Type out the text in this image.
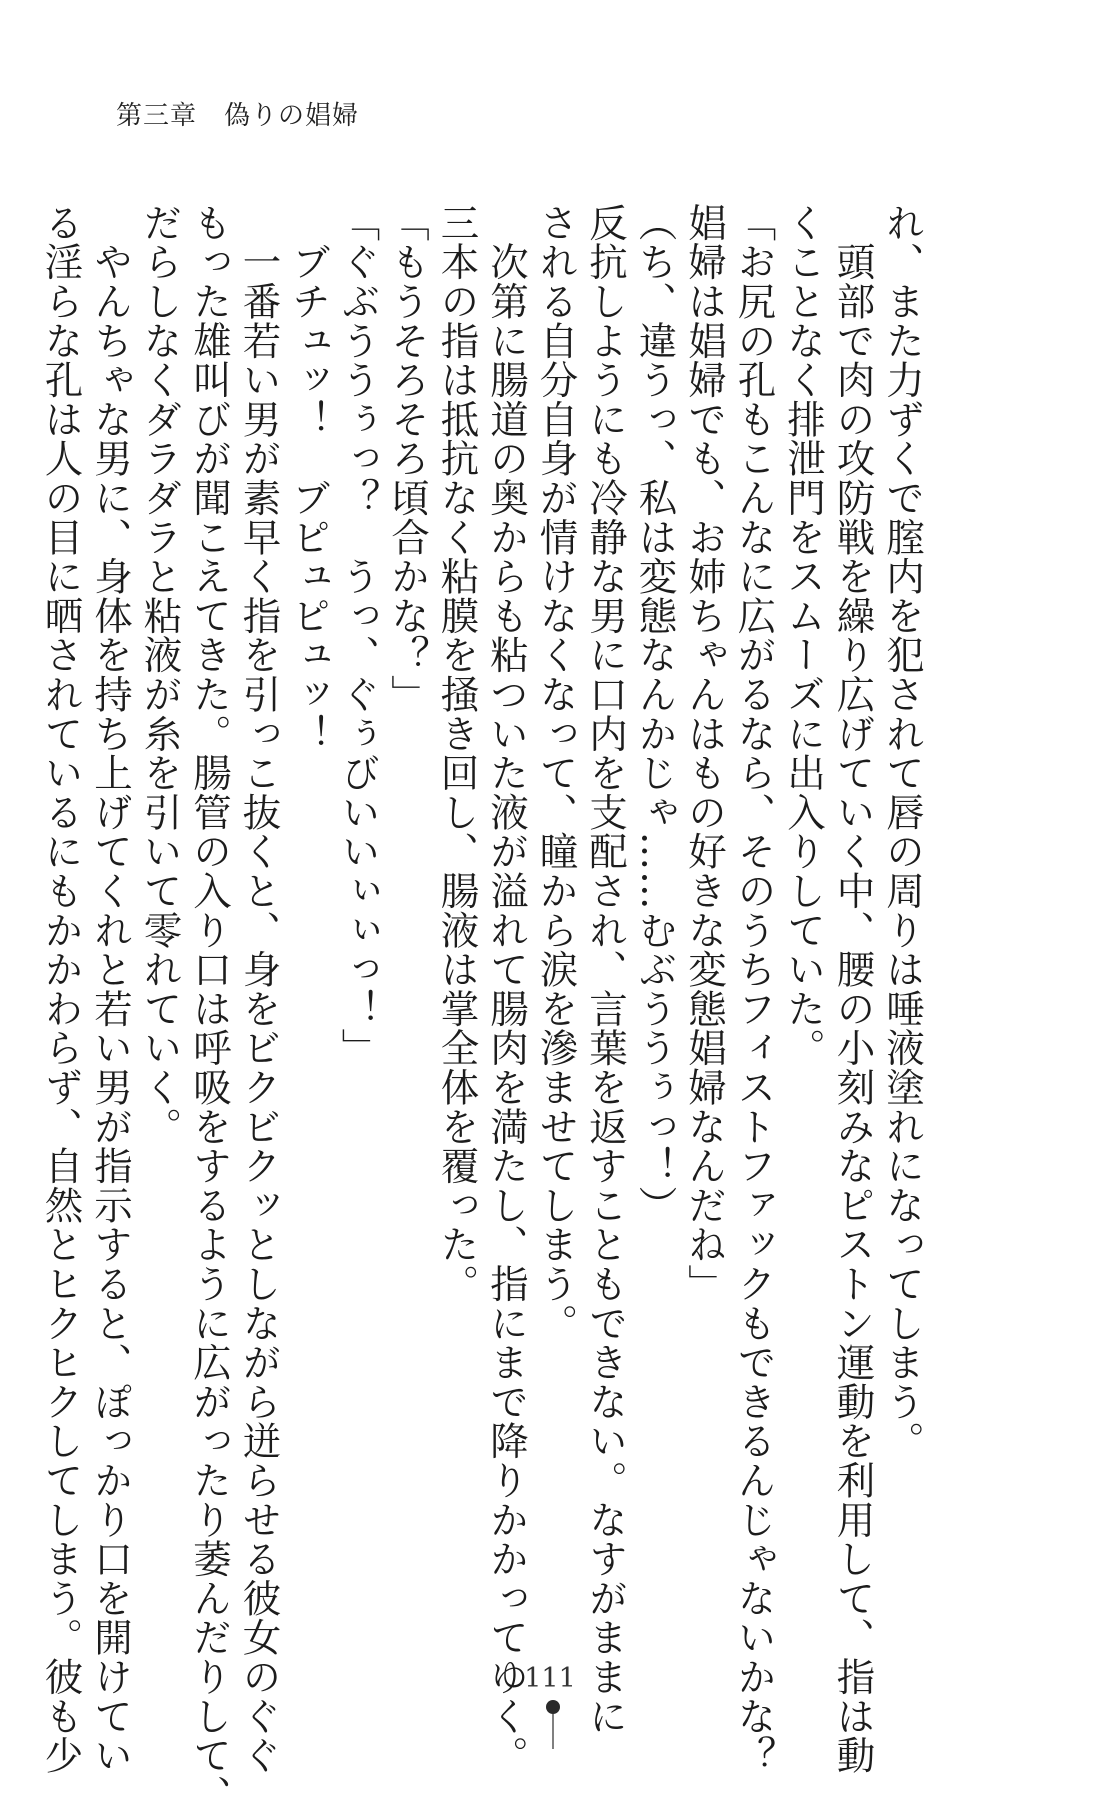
第三章　偽りの娼婦

れ、また力ずくで腟内を犯されて唇の周りは唾液塗れになってしまう。

　頭部で肉の攻防戦を繰り広げていく中、腰の小刻みなピストン運動を利用して、指は動

くことなく排泄門をスムーズに出入りしていた。

「お尻の孔もこんなに広がるなら、そのうちフィストファックもできるんじゃないかな？

娼婦は娼婦でも、お姉ちゃんはもの好きな変態娼婦なんだね」

（ち、違うっ、私は変態なんかじゃ……むぶううぅっ！）

反抗しようにも冷静な男に口内を支配され、言葉を返すこともできない。なすがままに

される自分自身が情けなくなって、瞳から涙を滲ませてしまう。

　次第に腸道の奥からも粘ついた液が溢れて腸肉を満たし、指にまで降りかかってゆく。

三本の指は抵抗なく粘膜を掻き回し、腸液は掌全体を覆った。

「もうそろそろ頃合かな？」

「ぐぶううぅっ？　うっ、ぐぅびいいぃぃっ！」

　ブチュッ！　ブピュピュッ！

　一番若い男が素早く指を引っこ抜くと、身をビクビクッとしながら迸らせる彼女のぐぐ

もった雄叫びが聞こえてきた。腸管の入り口は呼吸をするように広がったり萎んだりして、

だらしなくダラダラと粘液が糸を引いて零れていく。

　やんちゃな男に、身体を持ち上げてくれと若い男が指示すると、ぽっかり口を開けてい

る淫らな孔は人の目に晒されているにもかかわらず、自然とヒクヒクしてしまう。彼も少	111
